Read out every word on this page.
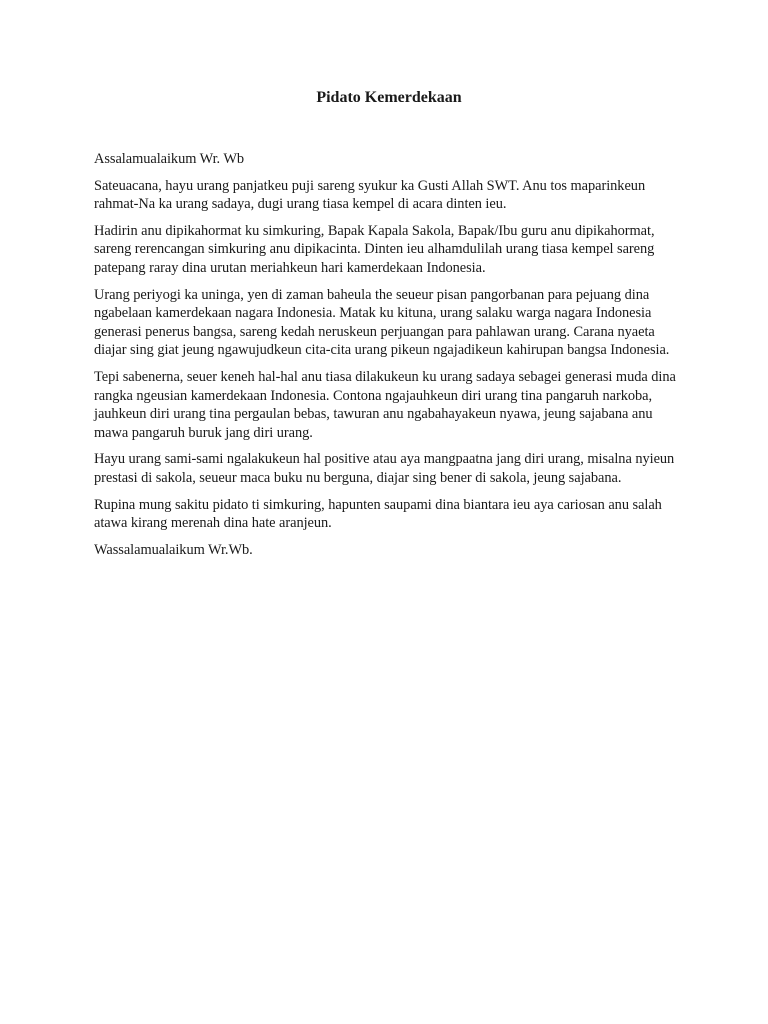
Pidato Kemerdekaan

Assalamualaikum Wr. Wb

Sateuacana, hayu urang panjatkeu puji sareng syukur ka Gusti Allah SWT. Anu tos maparinkeun rahmat-Na ka urang sadaya, dugi urang tiasa kempel di acara dinten ieu.

Hadirin anu dipikahormat ku simkuring, Bapak Kapala Sakola, Bapak/Ibu guru anu dipikahormat, sareng rerencangan simkuring anu dipikacinta. Dinten ieu alhamdulilah urang tiasa kempel sareng patepang raray dina urutan meriahkeun hari kamerdekaan Indonesia.

Urang periyogi ka uninga, yen di zaman baheula the seueur pisan pangorbanan para pejuang dina ngabelaan kamerdekaan nagara Indonesia. Matak ku kituna, urang salaku warga nagara Indonesia generasi penerus bangsa, sareng kedah neruskeun perjuangan para pahlawan urang. Carana nyaeta diajar sing giat jeung ngawujudkeun cita-cita urang pikeun ngajadikeun kahirupan bangsa Indonesia.

Tepi sabenerna, seuer keneh hal-hal anu tiasa dilakukeun ku urang sadaya sebagei generasi muda dina rangka ngeusian kamerdekaan Indonesia. Contona ngajauhkeun diri urang tina pangaruh narkoba, jauhkeun diri urang tina pergaulan bebas, tawuran anu ngabahayakeun nyawa, jeung sajabana anu mawa pangaruh buruk jang diri urang.

Hayu urang sami-sami ngalakukeun hal positive atau aya mangpaatna jang diri urang, misalna nyieun prestasi di sakola, seueur maca buku nu berguna, diajar sing bener di sakola, jeung sajabana.

Rupina mung sakitu pidato ti simkuring, hapunten saupami dina biantara ieu aya cariosan anu salah atawa kirang merenah dina hate aranjeun.

Wassalamualaikum Wr.Wb.
